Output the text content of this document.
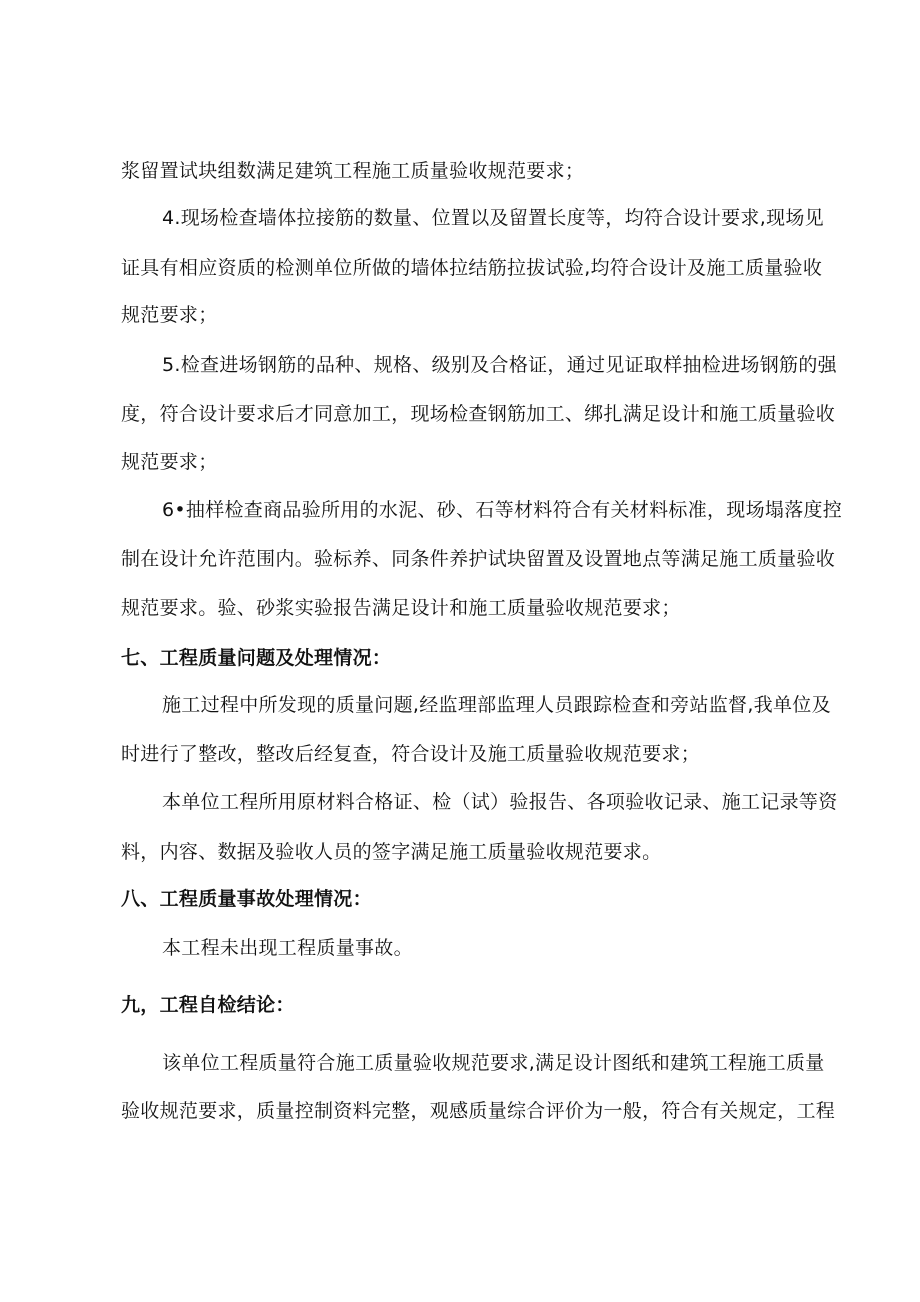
浆留置试块组数满足建筑工程施工质量验收规范要求；
4.现场检查墙体拉接筋的数量、位置以及留置长度等，均符合设计要求,现场见
证具有相应资质的检测单位所做的墙体拉结筋拉拔试验,均符合设计及施工质量验收
规范要求；
5.检查进场钢筋的品种、规格、级别及合格证，通过见证取样抽检进场钢筋的强
度，符合设计要求后才同意加工，现场检查钢筋加工、绑扎满足设计和施工质量验收
规范要求；
6•抽样检查商品验所用的水泥、砂、石等材料符合有关材料标准，现场塌落度控
制在设计允许范围内。验标养、同条件养护试块留置及设置地点等满足施工质量验收
规范要求。验、砂浆实验报告满足设计和施工质量验收规范要求；
七、工程质量问题及处理情况：
施工过程中所发现的质量问题,经监理部监理人员跟踪检查和旁站监督,我单位及
时进行了整改，整改后经复查，符合设计及施工质量验收规范要求；
本单位工程所用原材料合格证、检（试）验报告、各项验收记录、施工记录等资
料，内容、数据及验收人员的签字满足施工质量验收规范要求。
八、工程质量事故处理情况：
本工程未出现工程质量事故。
九，工程自检结论：
该单位工程质量符合施工质量验收规范要求,满足设计图纸和建筑工程施工质量
验收规范要求，质量控制资料完整，观感质量综合评价为一般，符合有关规定，工程
